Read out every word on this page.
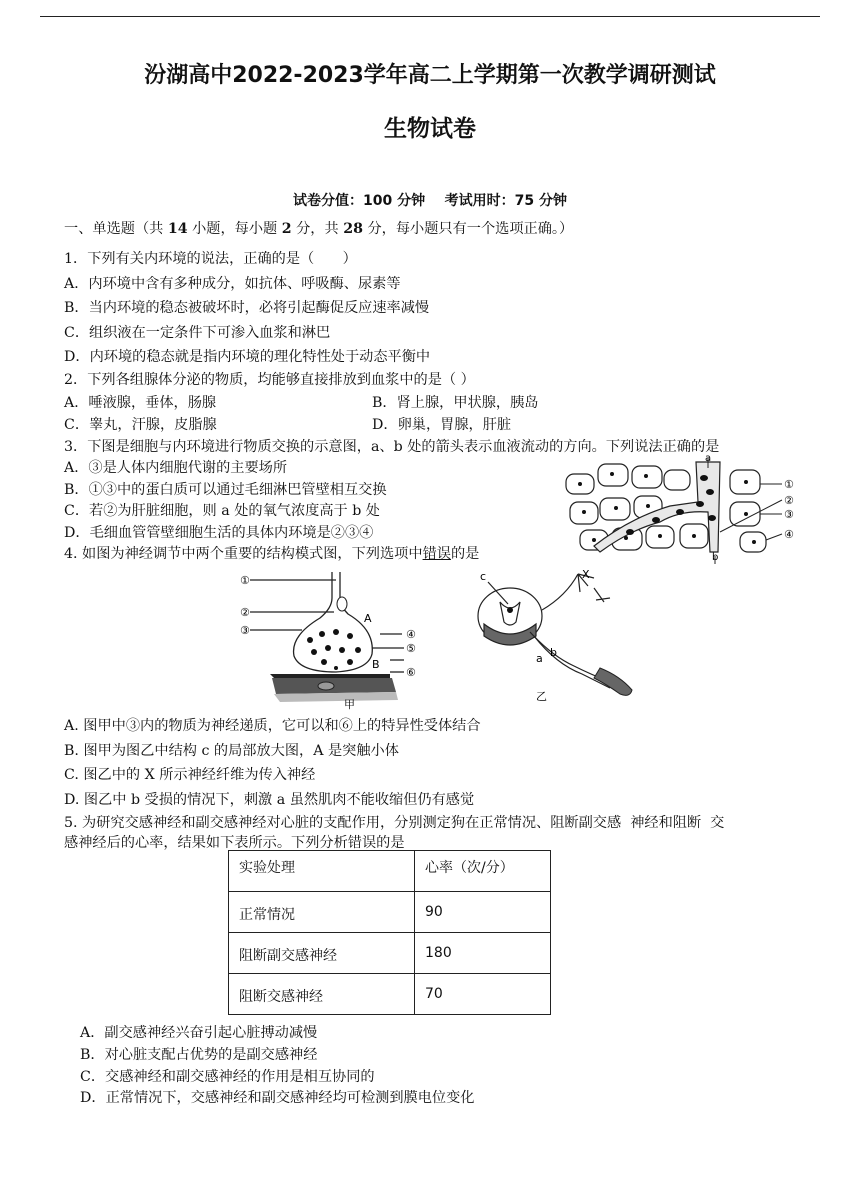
汾湖高中2022-2023学年高二上学期第一次教学调研测试
生物试卷
试卷分值：100 分钟    考试用时：75 分钟
一、单选题（共 14 小题，每小题 2 分，共 28 分，每小题只有一个选项正确。）
1．下列有关内环境的说法，正确的是（　　）
A．内环境中含有多种成分，如抗体、呼吸酶、尿素等
B．当内环境的稳态被破坏时，必将引起酶促反应速率减慢
C．组织液在一定条件下可渗入血浆和淋巴
D．内环境的稳态就是指内环境的理化特性处于动态平衡中
2．下列各组腺体分泌的物质，均能够直接排放到血浆中的是（ ）
A．唾液腺，垂体，肠腺	B．肾上腺，甲状腺，胰岛
C．睾丸，汗腺，皮脂腺	D．卵巢，胃腺，肝脏
3．下图是细胞与内环境进行物质交换的示意图，a、b 处的箭头表示血液流动的方向。下列说法正确的是
A．③是人体内细胞代谢的主要场所
B．①③中的蛋白质可以通过毛细淋巴管壁相互交换
C．若②为肝脏细胞，则 a 处的氧气浓度高于 b 处
D．毛细血管管壁细胞生活的具体内环境是②③④
a
b
①
②
③
④
4. 如图为神经调节中两个重要的结构模式图，下列选项中错误的是
①
②
③
A
④
⑤
B
⑥
甲
c	X
a b
乙
A. 图甲中③内的物质为神经递质，它可以和⑥上的特异性受体结合
B. 图甲为图乙中结构 c 的局部放大图，A 是突触小体
C. 图乙中的 X 所示神经纤维为传入神经
D. 图乙中 b 受损的情况下，刺激 a 虽然肌肉不能收缩但仍有感觉
5. 为研究交感神经和副交感神经对心脏的支配作用，分别测定狗在正常情况、阻断副交感  神经和阻断  交
感神经后的心率，结果如下表所示。下列分析错误的是
实验处理	心率（次/分）
正常情况	90
阻断副交感神经	180
阻断交感神经	70
A．副交感神经兴奋引起心脏搏动减慢
B．对心脏支配占优势的是副交感神经
C．交感神经和副交感神经的作用是相互协同的
D．正常情况下，交感神经和副交感神经均可检测到膜电位变化
